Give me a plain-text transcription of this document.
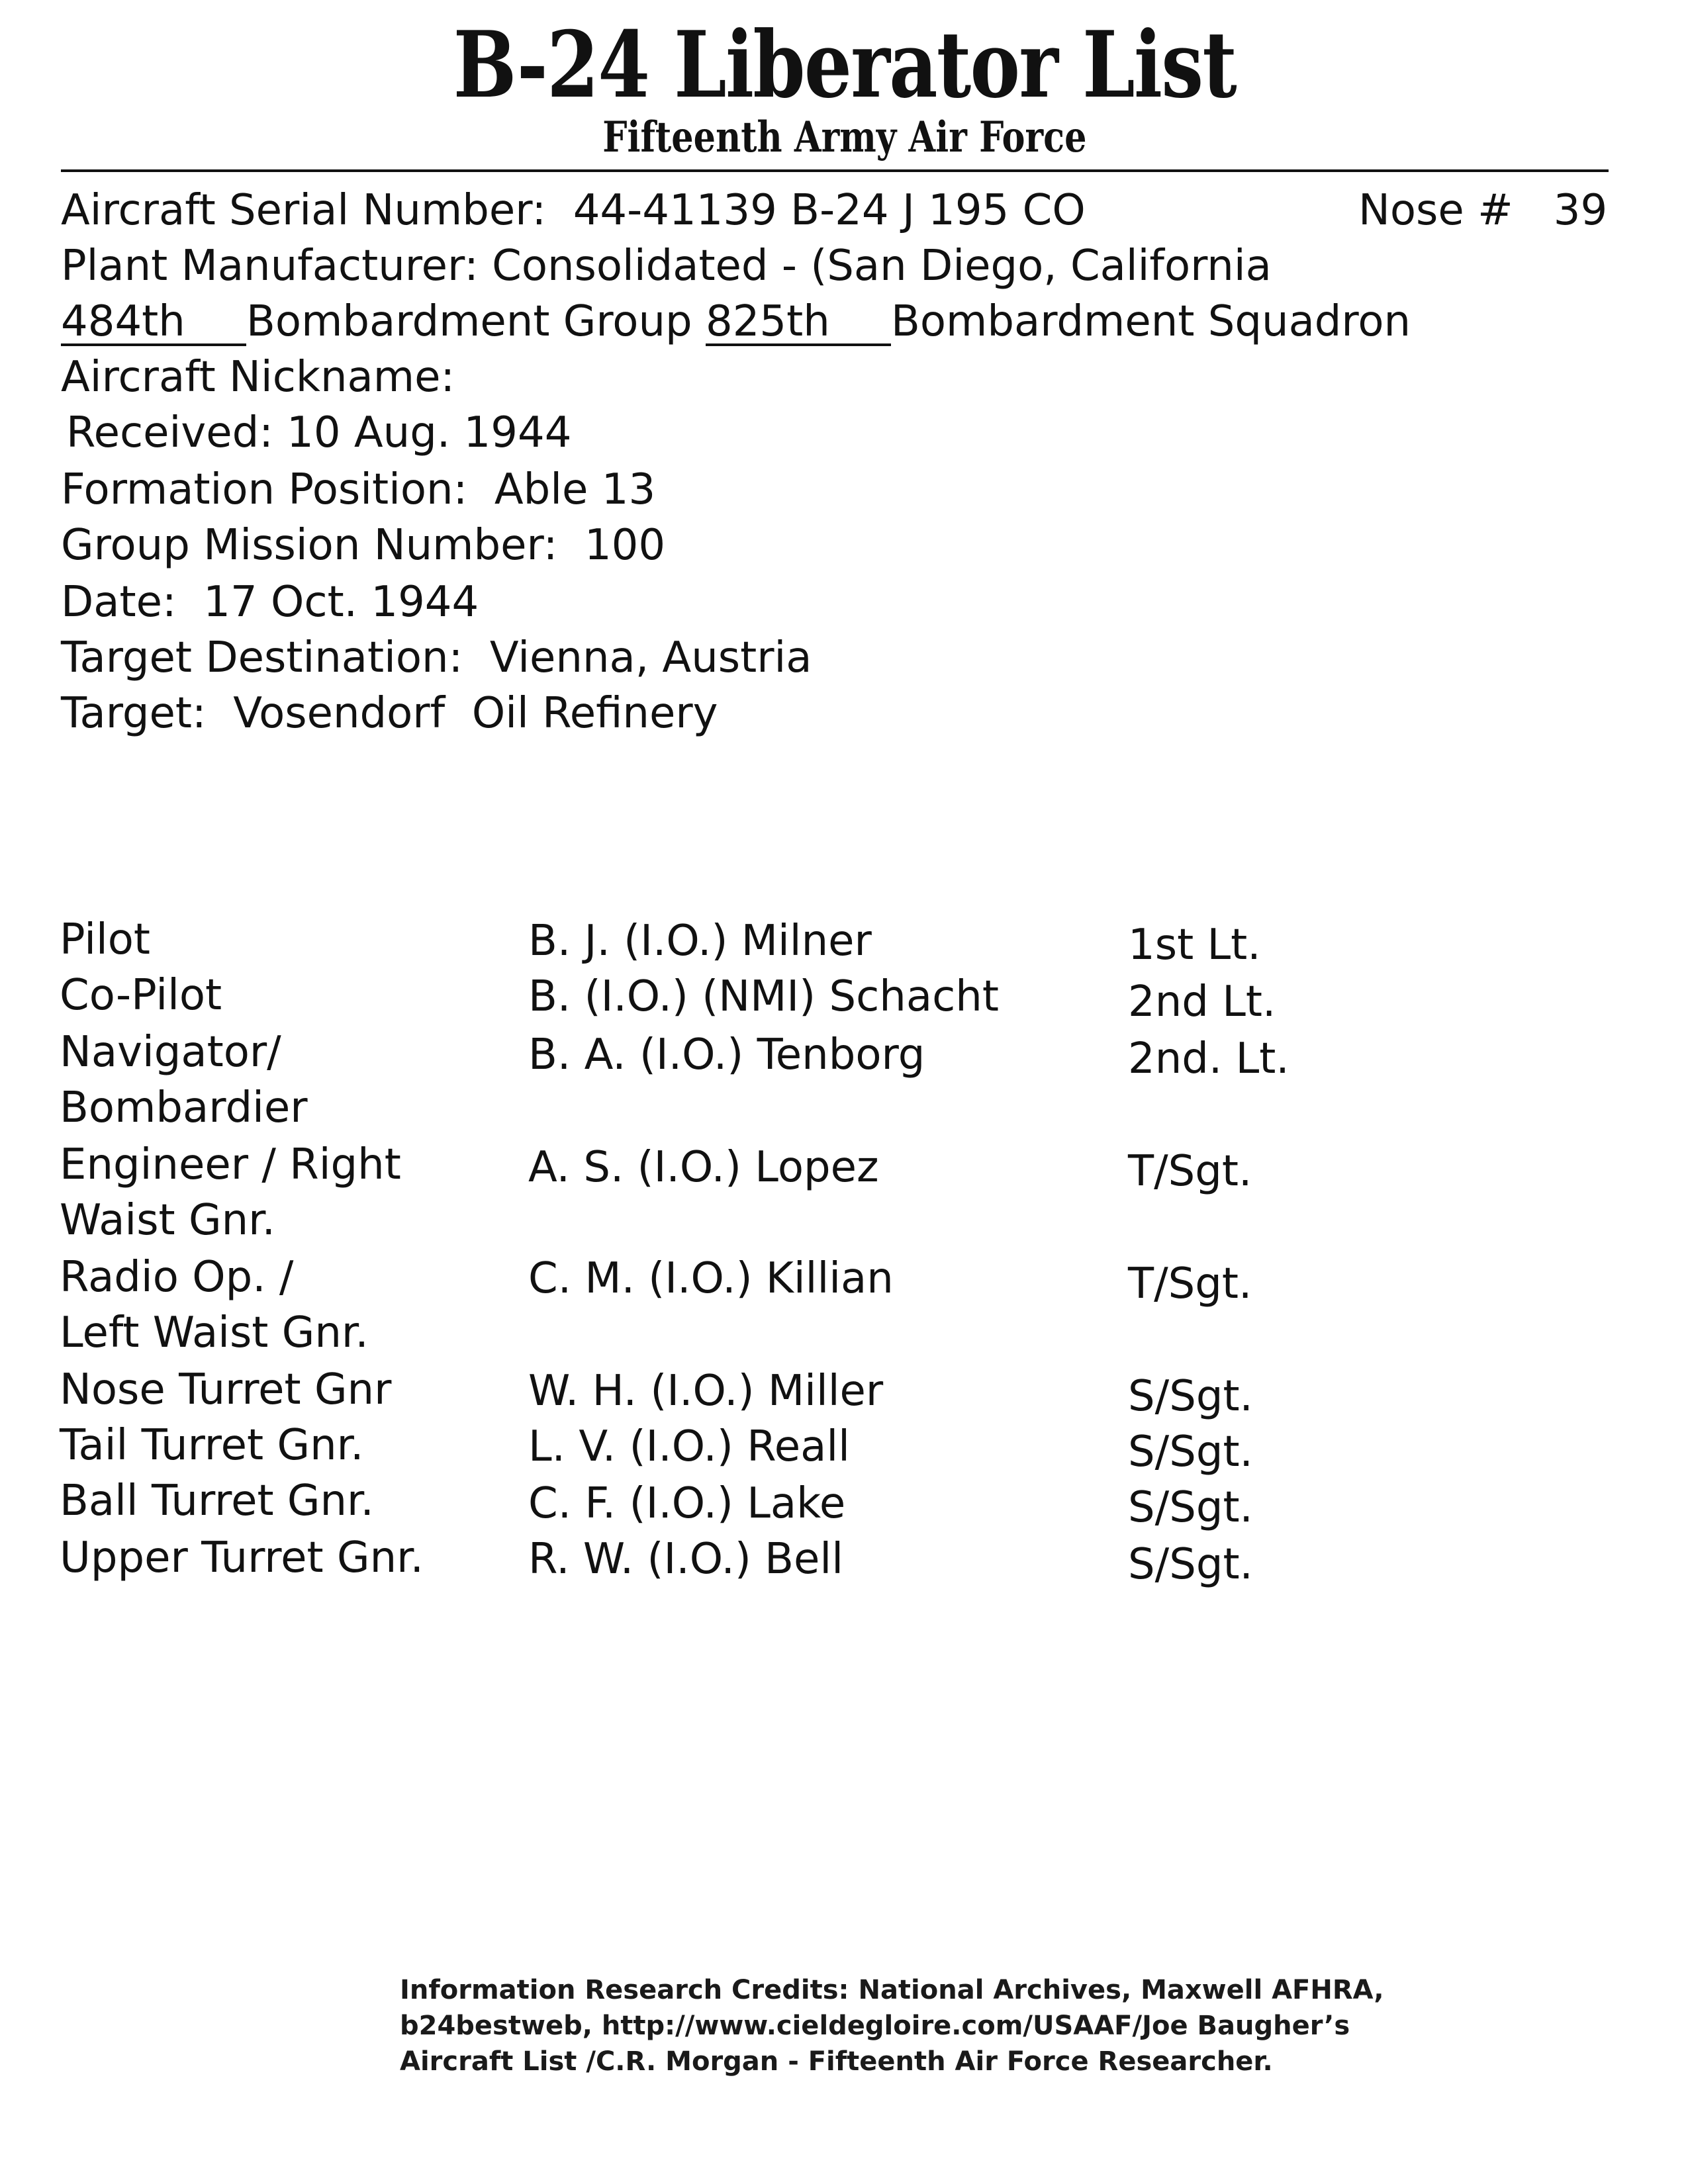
B-24 Liberator List
Fifteenth Army Air Force
Aircraft Serial Number: 44-41139 B-24 J 195 CO	Nose # 39
Plant Manufacturer: Consolidated - (San Diego, California
484th Bombardment Group 825th Bombardment Squadron
Aircraft Nickname:
Received: 10 Aug. 1944
Formation Position: Able 13
Group Mission Number: 100
Date: 17 Oct. 1944
Target Destination: Vienna, Austria
Target: Vosendorf  Oil Refinery
Pilot	B. J. (I.O.) Milner	1st Lt.
Co-Pilot	B. (I.O.) (NMI) Schacht	2nd Lt.
Navigator/
Bombardier
B. A. (I.O.) Tenborg	2nd. Lt.
Engineer / Right
Waist Gnr.
A. S. (I.O.) Lopez	T/Sgt.
Radio Op. /
Left Waist Gnr.
C. M. (I.O.) Killian	T/Sgt.
Nose Turret Gnr	W. H. (I.O.) Miller	S/Sgt.
Tail Turret Gnr.	L. V. (I.O.) Reall	S/Sgt.
Ball Turret Gnr.	C. F. (I.O.) Lake	S/Sgt.
Upper Turret Gnr. R. W. (I.O.) Bell	S/Sgt.
Information Research Credits: National Archives, Maxwell AFHRA,
b24bestweb, http://www.cieldegloire.com/USAAF/Joe Baugher’s
Aircraft List /C.R. Morgan - Fifteenth Air Force Researcher.
